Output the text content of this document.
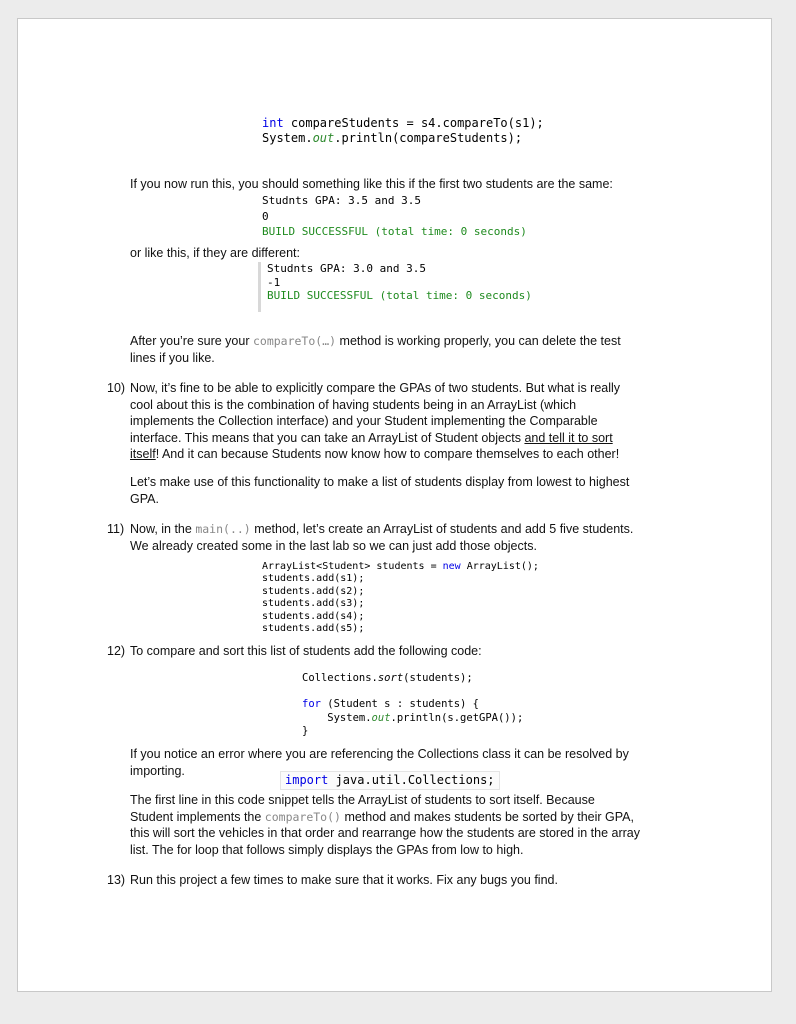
int compareStudents = s4.compareTo(s1);
System.out.println(compareStudents);
If you now run this, you should something like this if the first two students are the same:
Studnts GPA: 3.5 and 3.5
0
BUILD SUCCESSFUL (total time: 0 seconds)
or like this, if they are different:
Studnts GPA: 3.0 and 3.5
-1
BUILD SUCCESSFUL (total time: 0 seconds)
After you’re sure your compareTo(…) method is working properly, you can delete the test
lines if you like.
10) Now, it’s fine to be able to explicitly compare the GPAs of two students. But what is really
cool about this is the combination of having students being in an ArrayList (which
implements the Collection interface) and your Student implementing the Comparable
interface. This means that you can take an ArrayList of Student objects and tell it to sort
itself! And it can because Students now know how to compare themselves to each other!
Let’s make use of this functionality to make a list of students display from lowest to highest
GPA.
11) Now, in the main(..) method, let’s create an ArrayList of students and add 5 five students.
We already created some in the last lab so we can just add those objects.
ArrayList<Student> students = new ArrayList();
students.add(s1);
students.add(s2);
students.add(s3);
students.add(s4);
students.add(s5);
12) To compare and sort this list of students add the following code:
Collections.sort(students);

for (Student s : students) {
System.out.println(s.getGPA());
}
If you notice an error where you are referencing the Collections class it can be resolved by
importing.
import java.util.Collections;
The first line in this code snippet tells the ArrayList of students to sort itself. Because
Student implements the compareTo() method and makes students be sorted by their GPA,
this will sort the vehicles in that order and rearrange how the students are stored in the array
list. The for loop that follows simply displays the GPAs from low to high.
13) Run this project a few times to make sure that it works. Fix any bugs you find.
